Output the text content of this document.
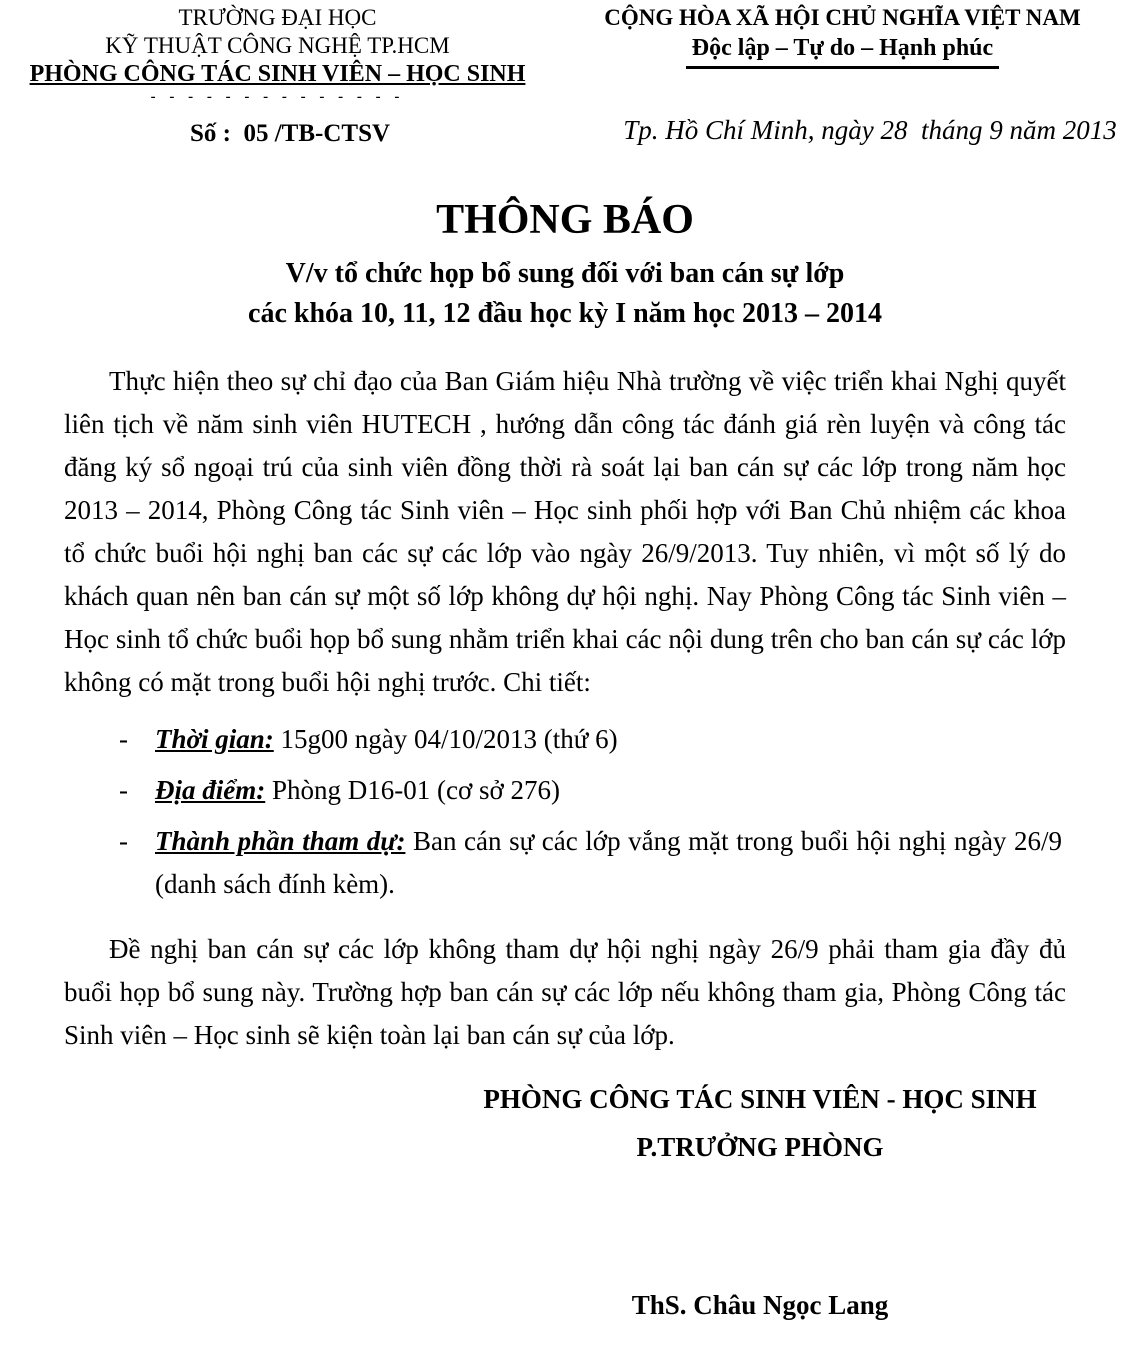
TRƯỜNG ĐẠI HỌC
KỸ THUẬT CÔNG NGHỆ TP.HCM
PHÒNG CÔNG TÁC SINH VIÊN – HỌC SINH
- - - - - - - - - - - - - -
Số :  05 /TB-CTSV
CỘNG HÒA XÃ HỘI CHỦ NGHĨA VIỆT NAM
Độc lập – Tự do – Hạnh phúc
Tp. Hồ Chí Minh, ngày 28  tháng 9 năm 2013
THÔNG BÁO
V/v tổ chức họp bổ sung đối với ban cán sự lớp
các khóa 10, 11, 12 đầu học kỳ I năm học 2013 – 2014

Thực hiện theo sự chỉ đạo của Ban Giám hiệu Nhà trường về việc triển khai Nghị quyết liên tịch về năm sinh viên HUTECH , hướng dẫn công tác đánh giá rèn luyện và công tác đăng ký sổ ngoại trú của sinh viên đồng thời rà soát lại ban cán sự các lớp trong năm học 2013 – 2014, Phòng Công tác Sinh viên – Học sinh phối hợp với Ban Chủ nhiệm các khoa tổ chức buổi hội nghị ban các sự các lớp vào ngày 26/9/2013. Tuy nhiên, vì một số lý do khách quan nên ban cán sự một số lớp không dự hội nghị. Nay Phòng Công tác Sinh viên – Học sinh tổ chức buổi họp bổ sung nhằm triển khai các nội dung trên cho ban cán sự các lớp không có mặt trong buổi hội nghị trước. Chi tiết:

-	Thời gian: 15g00 ngày 04/10/2013 (thứ 6)
-	Địa điểm: Phòng D16-01 (cơ sở 276)
-	Thành phần tham dự: Ban cán sự các lớp vắng mặt trong buổi hội nghị ngày 26/9 (danh sách đính kèm).

Đề nghị ban cán sự các lớp không tham dự hội nghị ngày 26/9 phải tham gia đầy đủ buổi họp bổ sung này. Trường hợp ban cán sự các lớp nếu không tham gia, Phòng Công tác Sinh viên – Học sinh sẽ kiện toàn lại ban cán sự của lớp.

PHÒNG CÔNG TÁC SINH VIÊN - HỌC SINH
P.TRƯỞNG PHÒNG
ThS. Châu Ngọc Lang
